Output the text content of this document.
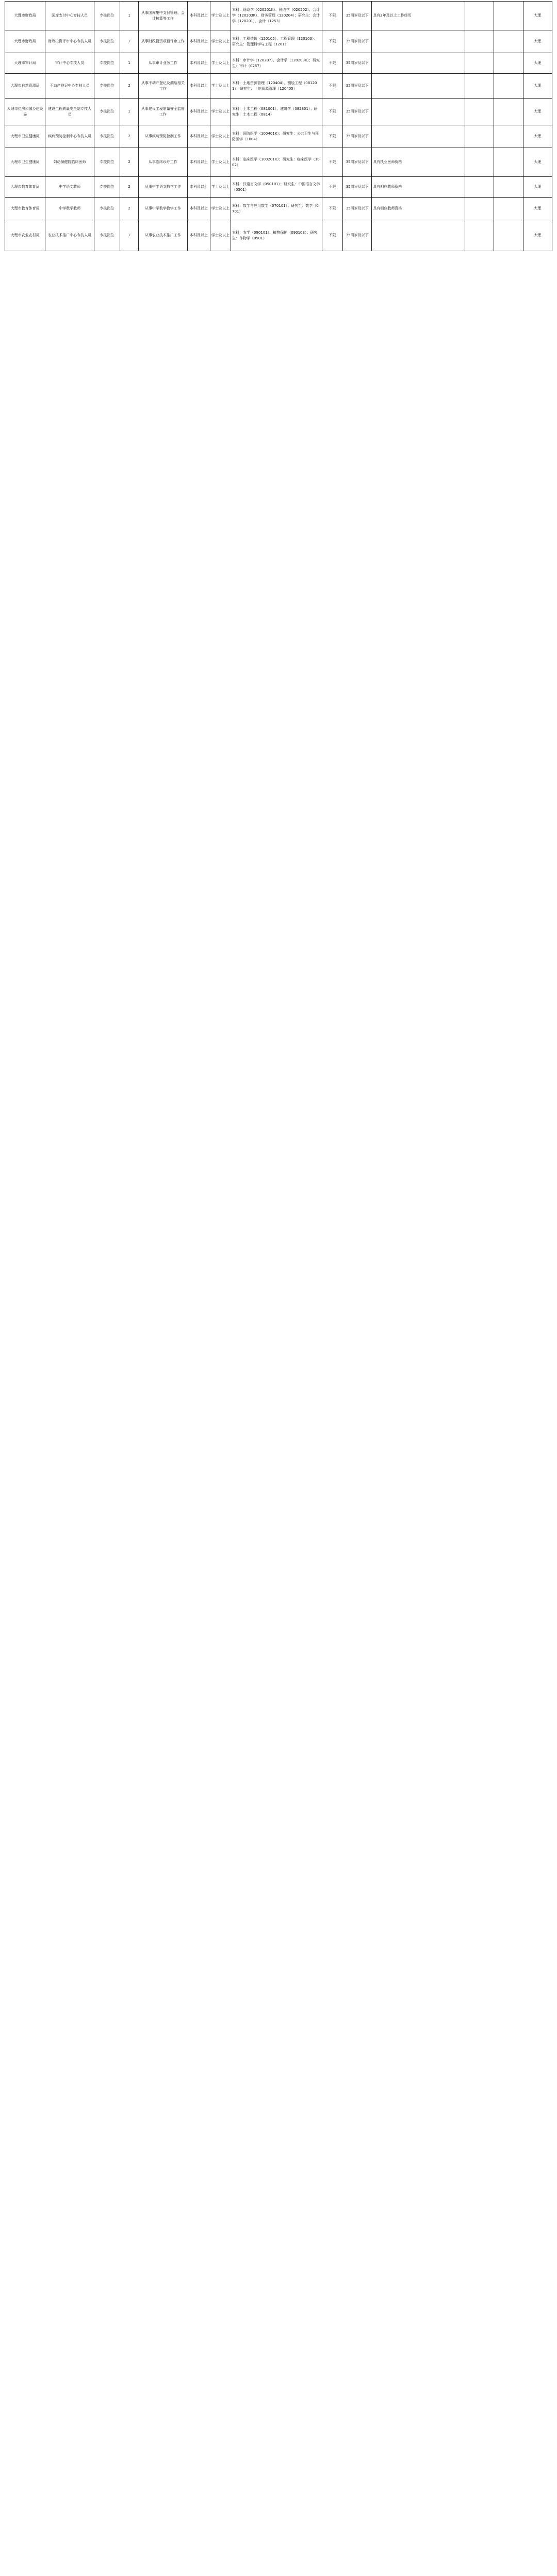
大理市财政局	国库支付中心专技人员	专技岗位	1	从事国库集中支付管理、会计核算等工作	本科及以上	学士及以上	本科：财政学（020201K）、税收学（020202）、会计学（120203K）、财务管理（120204）；研究生：会计学（120201）、会计（1253）	不限	35周岁及以下	具有2年及以上工作经历			大理
大理市财政局	财政投资评审中心专技人员	专技岗位	1	从事财政投资项目评审工作	本科及以上	学士及以上	本科：工程造价（120105）、工程管理（120103）；研究生：管理科学与工程（1201）	不限	35周岁及以下				大理
大理市审计局	审计中心专技人员	专技岗位	1	从事审计业务工作	本科及以上	学士及以上	本科：审计学（120207）、会计学（120203K）；研究生：审计（0257）	不限	35周岁及以下				大理
大理市自然资源局	不动产登记中心专技人员	专技岗位	2	从事不动产登记及测绘相关工作	本科及以上	学士及以上	本科：土地资源管理（120404）、测绘工程（081201）；研究生：土地资源管理（120405）	不限	35周岁及以下				大理
大理市住房和城乡建设局	建设工程质量安全站专技人员	专技岗位	1	从事建设工程质量安全监督工作	本科及以上	学士及以上	本科：土木工程（081001）、建筑学（082801）；研究生：土木工程（0814）	不限	35周岁及以下				大理
大理市卫生健康局	疾病预防控制中心专技人员	专技岗位	2	从事疾病预防控制工作	本科及以上	学士及以上	本科：预防医学（100401K）；研究生：公共卫生与预防医学（1004）	不限	35周岁及以下				大理
大理市卫生健康局	妇幼保健院临床医师	专技岗位	2	从事临床诊疗工作	本科及以上	学士及以上	本科：临床医学（100201K）；研究生：临床医学（1002）	不限	35周岁及以下	具有执业医师资格			大理
大理市教育体育局	中学语文教师	专技岗位	2	从事中学语文教学工作	本科及以上	学士及以上	本科：汉语言文学（050101）；研究生：中国语言文学（0501）	不限	35周岁及以下	具有相应教师资格			大理
大理市教育体育局	中学数学教师	专技岗位	2	从事中学数学教学工作	本科及以上	学士及以上	本科：数学与应用数学（070101）；研究生：数学（0701）	不限	35周岁及以下	具有相应教师资格			大理
大理市农业农村局	农业技术推广中心专技人员	专技岗位	1	从事农业技术推广工作	本科及以上	学士及以上	本科：农学（090101）、植物保护（090103）；研究生：作物学（0901）	不限	35周岁及以下				大理
